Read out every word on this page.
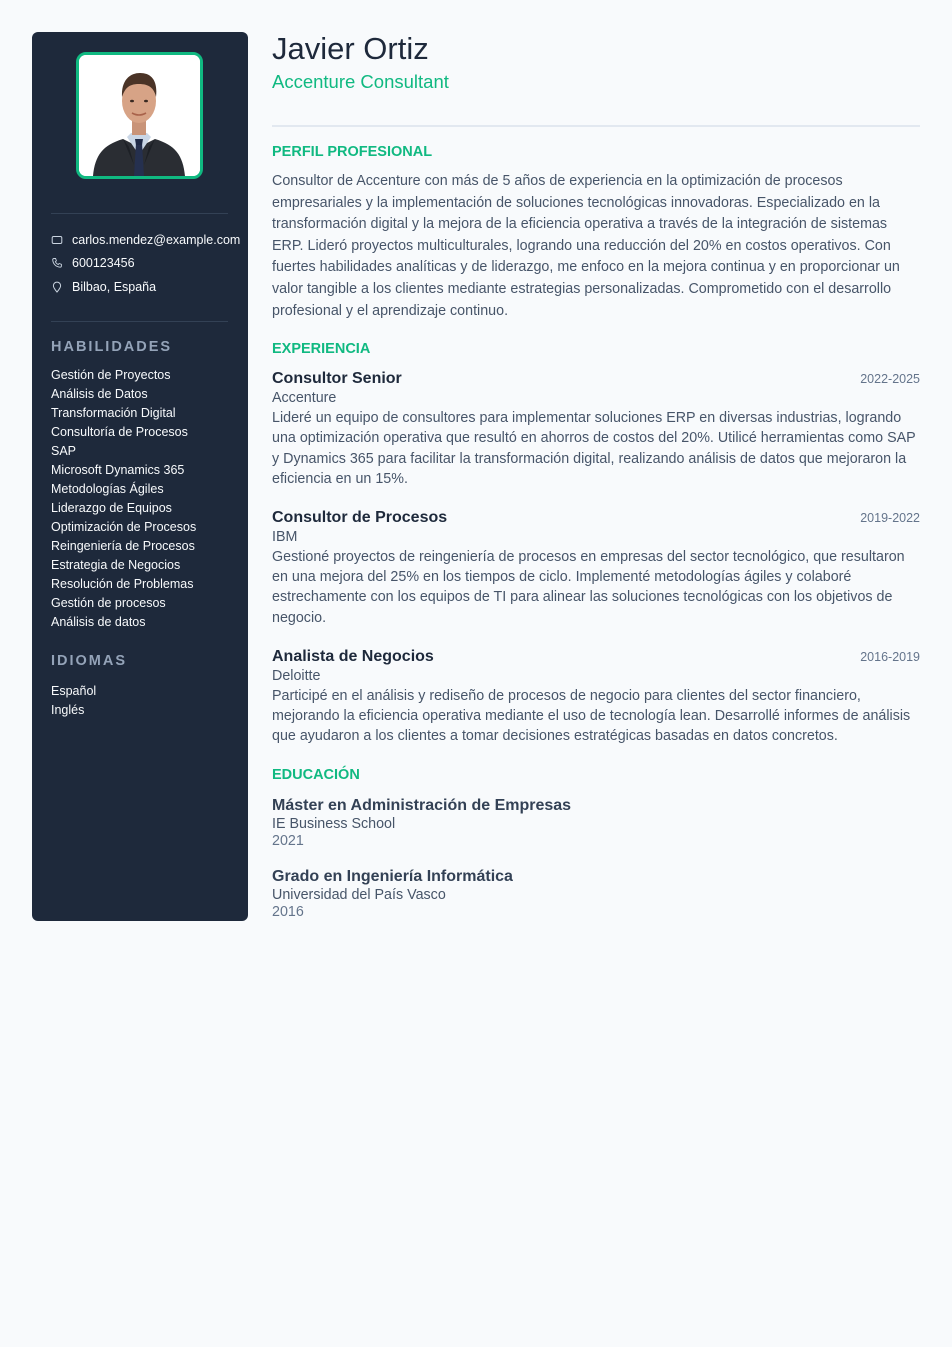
carlos.mendez@example.com
600123456
Bilbao, España
HABILIDADES
Gestión de Proyectos
Análisis de Datos
Transformación Digital
Consultoría de Procesos
SAP
Microsoft Dynamics 365
Metodologías Ágiles
Liderazgo de Equipos
Optimización de Procesos
Reingeniería de Procesos
Estrategia de Negocios
Resolución de Problemas
Gestión de procesos
Análisis de datos
IDIOMAS
Español
Inglés
Javier Ortiz
Accenture Consultant
PERFIL PROFESIONAL

Consultor de Accenture con más de 5 años de experiencia en la optimización de procesos empresariales y la implementación de soluciones tecnológicas innovadoras. Especializado en la transformación digital y la mejora de la eficiencia operativa a través de la integración de sistemas ERP. Lideró proyectos multiculturales, logrando una reducción del 20% en costos operativos. Con fuertes habilidades analíticas y de liderazgo, me enfoco en la mejora continua y en proporcionar un valor tangible a los clientes mediante estrategias personalizadas. Comprometido con el desarrollo profesional y el aprendizaje continuo.

EXPERIENCIA
Consultor Senior	2022-2025
Accenture

Lideré un equipo de consultores para implementar soluciones ERP en diversas industrias, logrando una optimización operativa que resultó en ahorros de costos del 20%. Utilicé herramientas como SAP y Dynamics 365 para facilitar la transformación digital, realizando análisis de datos que mejoraron la eficiencia en un 15%.

Consultor de Procesos	2019-2022
IBM

Gestioné proyectos de reingeniería de procesos en empresas del sector tecnológico, que resultaron en una mejora del 25% en los tiempos de ciclo. Implementé metodologías ágiles y colaboré estrechamente con los equipos de TI para alinear las soluciones tecnológicas con los objetivos de negocio.

Analista de Negocios	2016-2019
Deloitte

Participé en el análisis y rediseño de procesos de negocio para clientes del sector financiero, mejorando la eficiencia operativa mediante el uso de tecnología lean. Desarrollé informes de análisis que ayudaron a los clientes a tomar decisiones estratégicas basadas en datos concretos.

EDUCACIÓN
Máster en Administración de Empresas
IE Business School
2021
Grado en Ingeniería Informática
Universidad del País Vasco
2016
